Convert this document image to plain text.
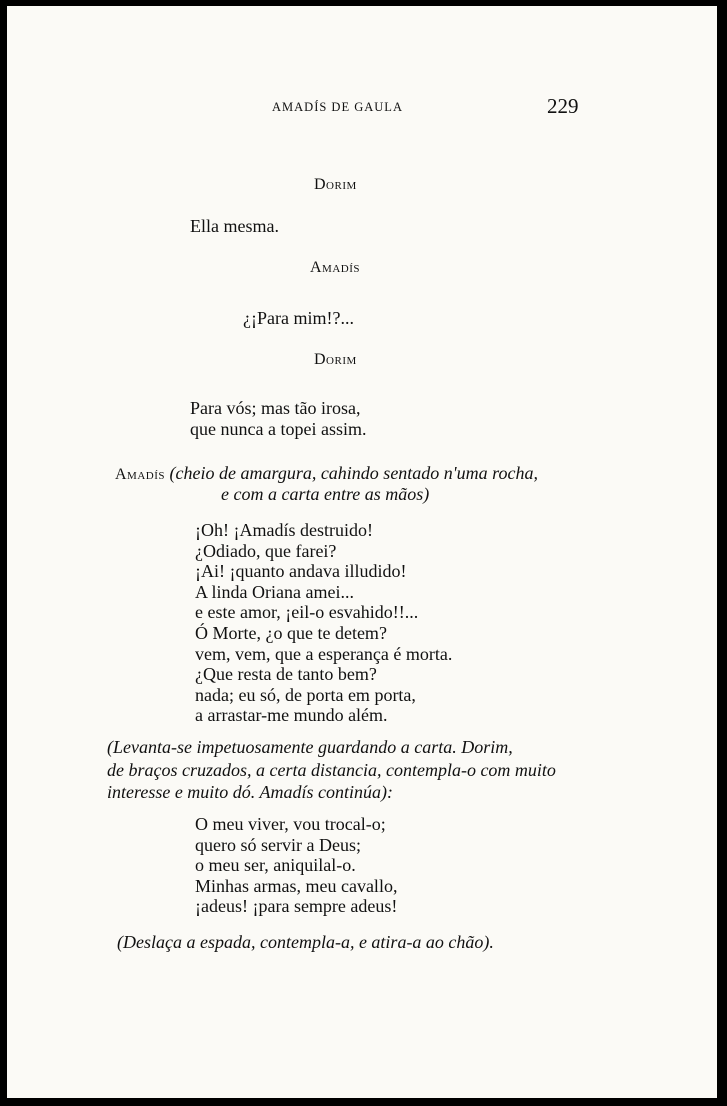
AMADÍS DE GAULA	229
Dorim
Ella mesma.
Amadís
¿¡Para mim!?...
Dorim
Para vós; mas tão irosa,
que nunca a topei assim.
Amadís (cheio de amargura, cahindo sentado n'uma rocha,
e com a carta entre as mãos)
¡Oh! ¡Amadís destruido!
¿Odiado, que farei?
¡Ai! ¡quanto andava illudido!
A linda Oriana amei...
e este amor, ¡eil-o esvahido!!...
Ó Morte, ¿o que te detem?
vem, vem, que a esperança é morta.
¿Que resta de tanto bem?
nada; eu só, de porta em porta,
a arrastar-me mundo além.
(Levanta-se impetuosamente guardando a carta. Dorim,
de braços cruzados, a certa distancia, contempla-o com muito
interesse e muito dó. Amadís continúa):
O meu viver, vou trocal-o;
quero só servir a Deus;
o meu ser, aniquilal-o.
Minhas armas, meu cavallo,
¡adeus! ¡para sempre adeus!
(Deslaça a espada, contempla-a, e atira-a ao chão).
